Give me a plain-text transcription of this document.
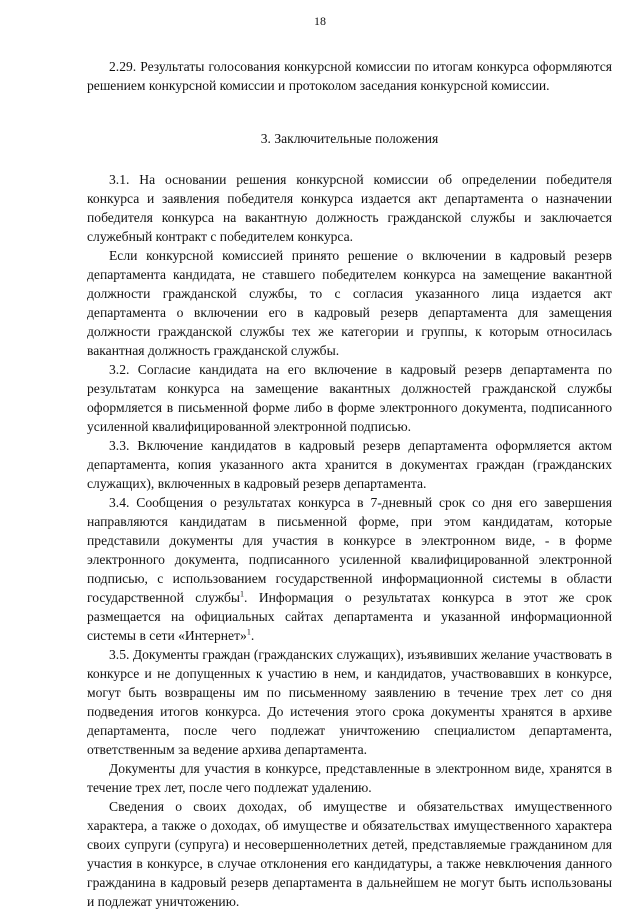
18

2.29. Результаты голосования конкурсной комиссии по итогам конкурса оформляются решением конкурсной комиссии и протоколом заседания конкурсной комиссии.

3. Заключительные положения

3.1. На основании решения конкурсной комиссии об определении победителя конкурса и заявления победителя конкурса издается акт департамента о назначении победителя конкурса на вакантную должность гражданской службы и заключается служебный контракт с победителем конкурса.

Если конкурсной комиссией принято решение о включении в кадровый резерв департамента кандидата, не ставшего победителем конкурса на замещение вакантной должности гражданской службы, то с согласия указанного лица издается акт департамента о включении его в кадровый резерв департамента для замещения должности гражданской службы тех же категории и группы, к которым относилась вакантная должность гражданской службы.

3.2. Согласие кандидата на его включение в кадровый резерв департамента по результатам конкурса на замещение вакантных должностей гражданской службы оформляется в письменной форме либо в форме электронного документа, подписанного усиленной квалифицированной электронной подписью.

3.3. Включение кандидатов в кадровый резерв департамента оформляется актом департамента, копия указанного акта хранится в документах граждан (гражданских служащих), включенных в кадровый резерв департамента.

3.4. Сообщения о результатах конкурса в 7-дневный срок со дня его завершения направляются кандидатам в письменной форме, при этом кандидатам, которые представили документы для участия в конкурсе в электронном виде, - в форме электронного документа, подписанного усиленной квалифицированной электронной подписью, с использованием государственной информационной системы в области государственной службы$^1$. Информация о результатах конкурса в этот же срок размещается на официальных сайтах департамента и указанной информационной системы в сети «Интернет»$^1$.

3.5. Документы граждан (гражданских служащих), изъявивших желание участвовать в конкурсе и не допущенных к участию в нем, и кандидатов, участвовавших в конкурсе, могут быть возвращены им по письменному заявлению в течение трех лет со дня подведения итогов конкурса. До истечения этого срока документы хранятся в архиве департамента, после чего подлежат уничтожению специалистом департамента, ответственным за ведение архива департамента.

Документы для участия в конкурсе, представленные в электронном виде, хранятся в течение трех лет, после чего подлежат удалению.

Сведения о своих доходах, об имуществе и обязательствах имущественного характера, а также о доходах, об имуществе и обязательствах имущественного характера своих супруги (супруга) и несовершеннолетних детей, представляемые гражданином для участия в конкурсе, в случае отклонения его кандидатуры, а также невключения данного гражданина в кадровый резерв департамента в дальнейшем не могут быть использованы и подлежат уничтожению.
